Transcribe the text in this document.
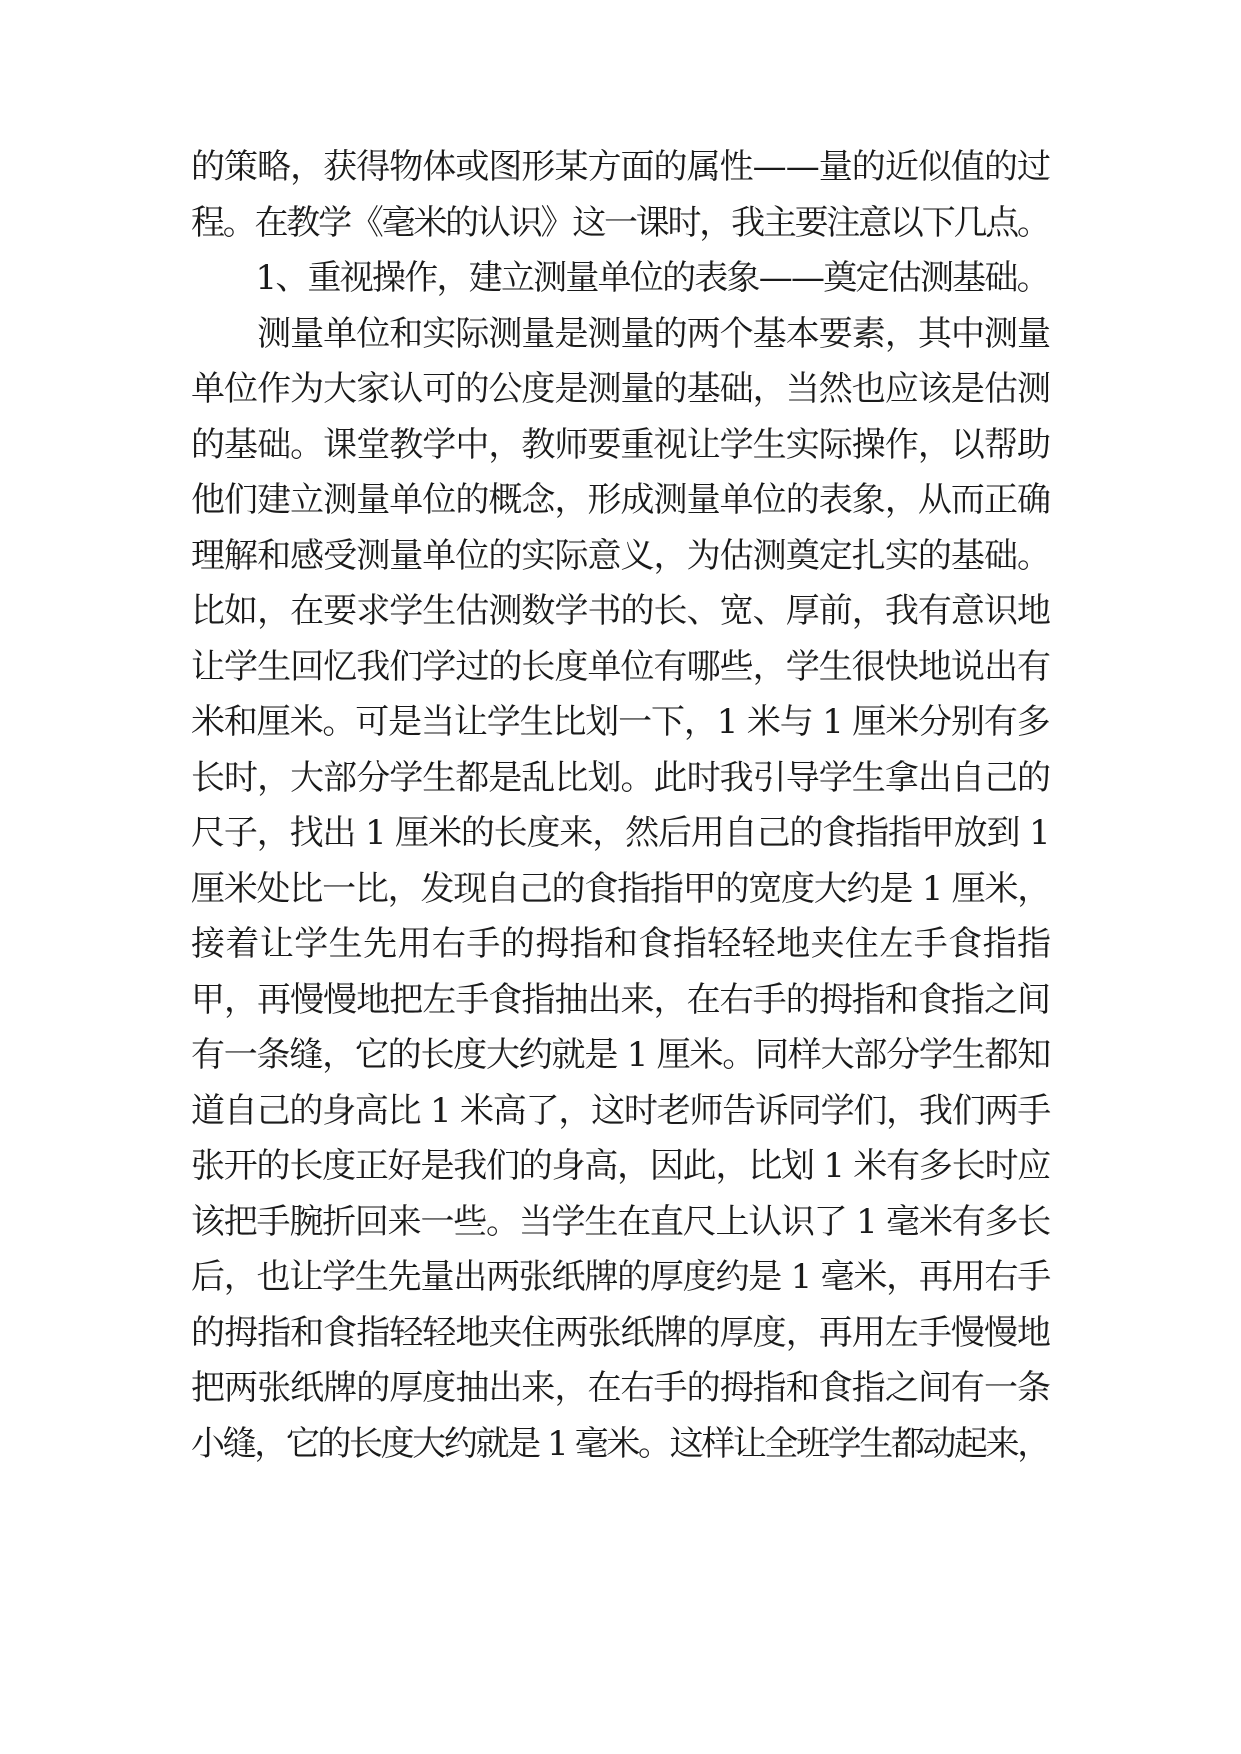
的策略，获得物体或图形某方面的属性——量的近似值的过
程。在教学《毫米的认识》这一课时，我主要注意以下几点。
　　1、重视操作，建立测量单位的表象——奠定估测基础。
　　测量单位和实际测量是测量的两个基本要素，其中测量
单位作为大家认可的公度是测量的基础，当然也应该是估测
的基础。课堂教学中，教师要重视让学生实际操作，以帮助
他们建立测量单位的概念，形成测量单位的表象，从而正确
理解和感受测量单位的实际意义，为估测奠定扎实的基础。
比如，在要求学生估测数学书的长、宽、厚前，我有意识地
让学生回忆我们学过的长度单位有哪些，学生很快地说出有
米和厘米。可是当让学生比划一下，1 米与 1 厘米分别有多
长时，大部分学生都是乱比划。此时我引导学生拿出自己的
尺子，找出 1 厘米的长度来，然后用自己的食指指甲放到 1
厘米处比一比，发现自己的食指指甲的宽度大约是 1 厘米，
接着让学生先用右手的拇指和食指轻轻地夹住左手食指指
甲，再慢慢地把左手食指抽出来，在右手的拇指和食指之间
有一条缝，它的长度大约就是 1 厘米。同样大部分学生都知
道自己的身高比 1 米高了，这时老师告诉同学们，我们两手
张开的长度正好是我们的身高，因此，比划 1 米有多长时应
该把手腕折回来一些。当学生在直尺上认识了 1 毫米有多长
后，也让学生先量出两张纸牌的厚度约是 1 毫米，再用右手
的拇指和食指轻轻地夹住两张纸牌的厚度，再用左手慢慢地
把两张纸牌的厚度抽出来，在右手的拇指和食指之间有一条
小缝，它的长度大约就是 1 毫米。这样让全班学生都动起来，
